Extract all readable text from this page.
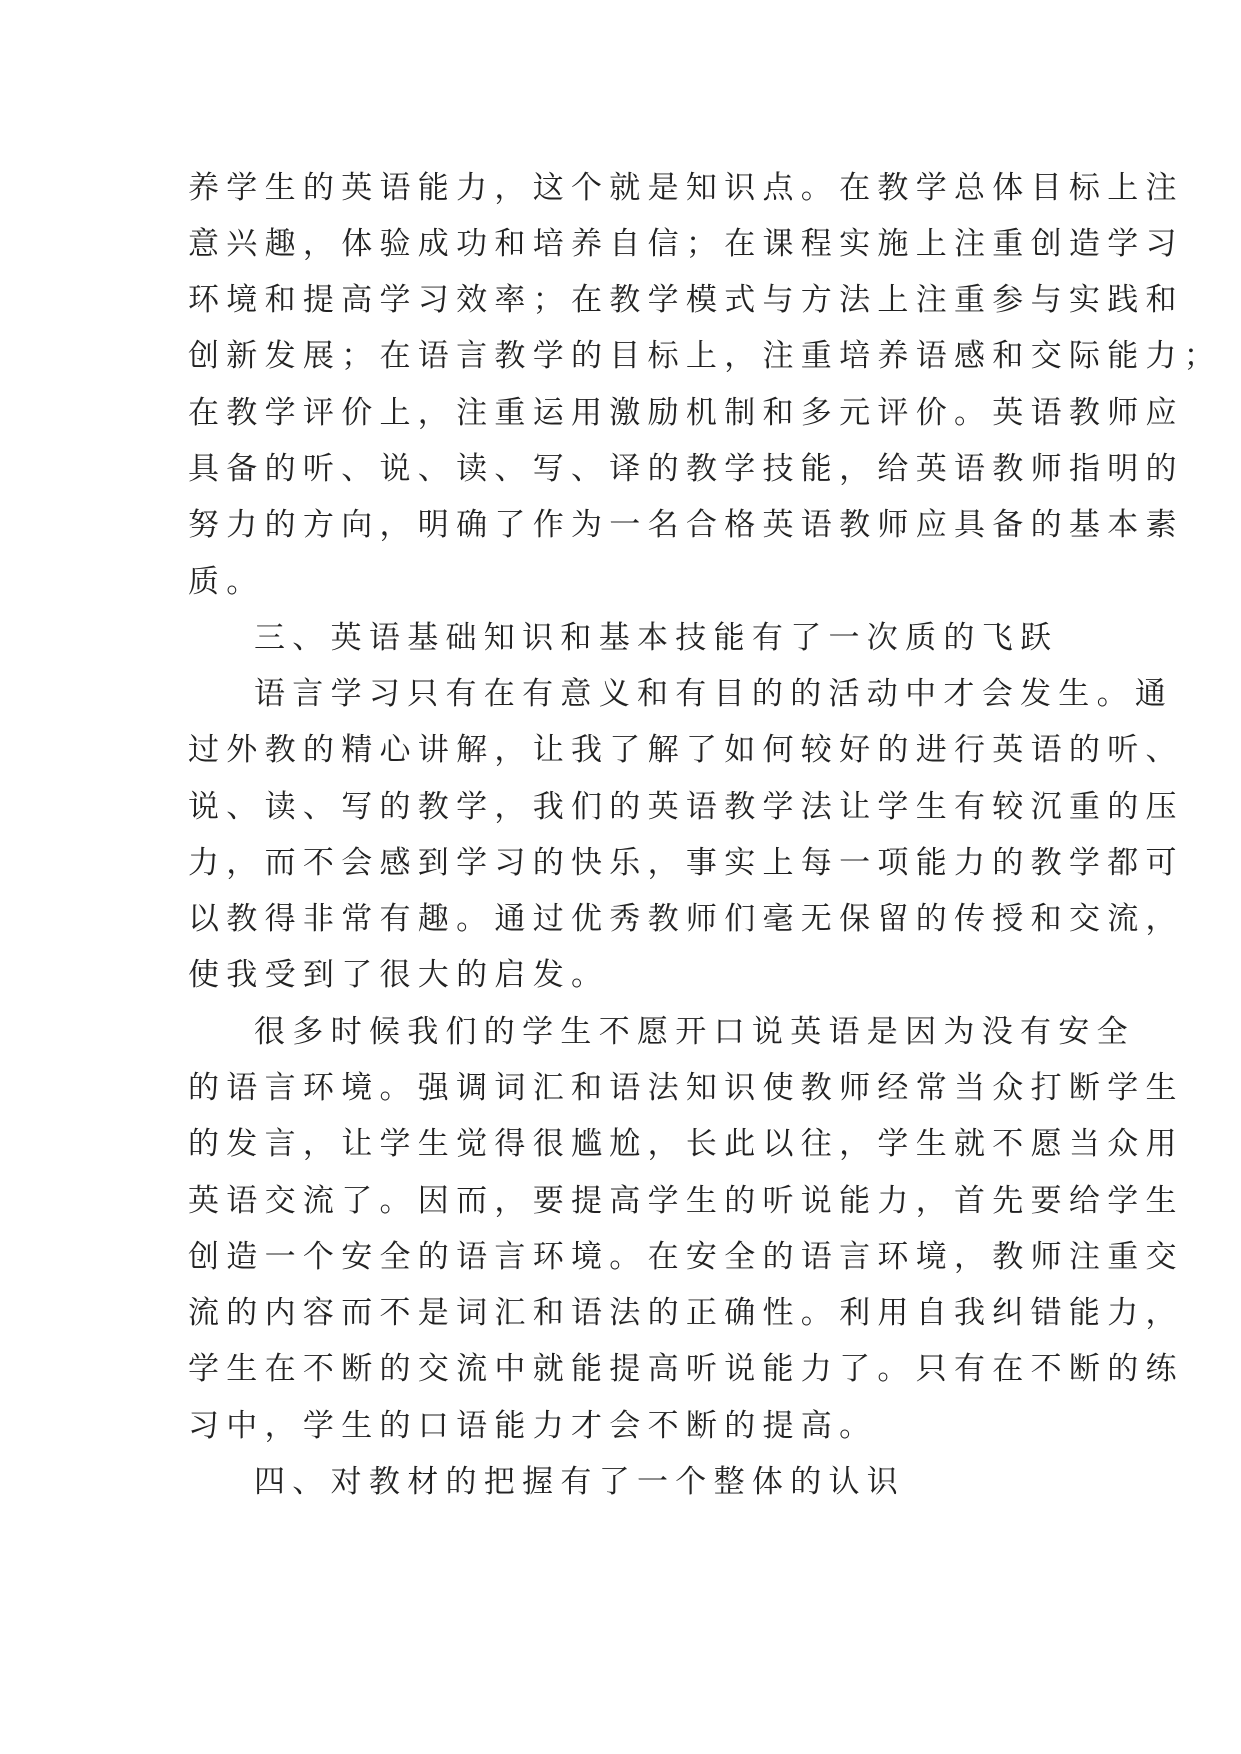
养学生的英语能力，这个就是知识点。在教学总体目标上注
意兴趣，体验成功和培养自信；在课程实施上注重创造学习
环境和提高学习效率；在教学模式与方法上注重参与实践和
创新发展；在语言教学的目标上，注重培养语感和交际能力；
在教学评价上，注重运用激励机制和多元评价。英语教师应
具备的听、说、读、写、译的教学技能，给英语教师指明的
努力的方向，明确了作为一名合格英语教师应具备的基本素
质。
三、英语基础知识和基本技能有了一次质的飞跃
语言学习只有在有意义和有目的的活动中才会发生。通
过外教的精心讲解，让我了解了如何较好的进行英语的听、
说、读、写的教学，我们的英语教学法让学生有较沉重的压
力，而不会感到学习的快乐，事实上每一项能力的教学都可
以教得非常有趣。通过优秀教师们毫无保留的传授和交流，
使我受到了很大的启发。
很多时候我们的学生不愿开口说英语是因为没有安全
的语言环境。强调词汇和语法知识使教师经常当众打断学生
的发言，让学生觉得很尴尬，长此以往，学生就不愿当众用
英语交流了。因而，要提高学生的听说能力，首先要给学生
创造一个安全的语言环境。在安全的语言环境，教师注重交
流的内容而不是词汇和语法的正确性。利用自我纠错能力，
学生在不断的交流中就能提高听说能力了。只有在不断的练
习中，学生的口语能力才会不断的提高。
四、对教材的把握有了一个整体的认识
